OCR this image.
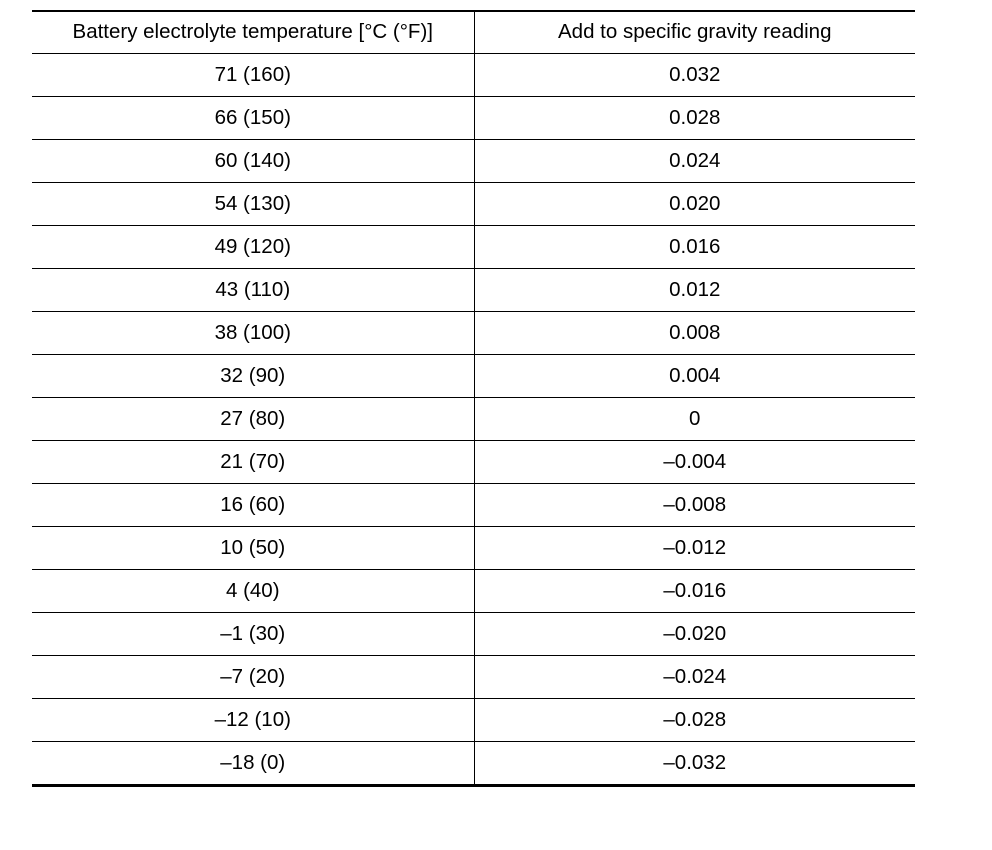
Battery electrolyte temperature [°C (°F)]	Add to specific gravity reading
71 (160)	0.032
66 (150)	0.028
60 (140)	0.024
54 (130)	0.020
49 (120)	0.016
43 (110)	0.012
38 (100)	0.008
32 (90)	0.004
27 (80)	0
21 (70)	–0.004
16 (60)	–0.008
10 (50)	–0.012
4 (40)	–0.016
–1 (30)	–0.020
–7 (20)	–0.024
–12 (10)	–0.028
–18 (0)	–0.032
